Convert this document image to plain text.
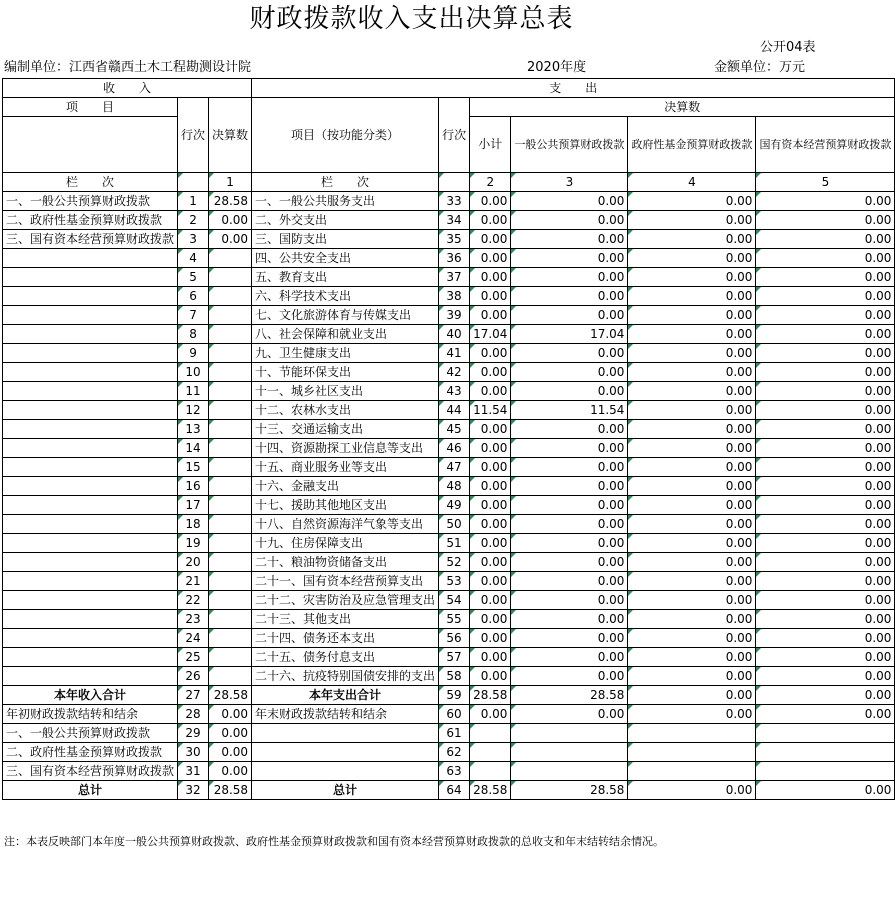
财政拨款收入支出决算总表
公开04表
编制单位：江西省赣西土木工程勘测设计院	2020年度	金额单位：万元
收　　入			支　　出					
项　　目	行次	决算数	项目（按功能分类）	行次	决算数			
					小计	一般公共预算财政拨款	政府性基金预算财政拨款	国有资本经营预算财政拨款

栏　　次		1	栏　　次		2	3	4	5
一、一般公共预算财政拨款	1	28.58	一、一般公共服务支出	33	0.00	0.00	0.00	0.00
二、政府性基金预算财政拨款	2	0.00	二、外交支出	34	0.00	0.00	0.00	0.00
三、国有资本经营预算财政拨款	3	0.00	三、国防支出	35	0.00	0.00	0.00	0.00
	4		四、公共安全支出	36	0.00	0.00	0.00	0.00
	5		五、教育支出	37	0.00	0.00	0.00	0.00
	6		六、科学技术支出	38	0.00	0.00	0.00	0.00
	7		七、文化旅游体育与传媒支出	39	0.00	0.00	0.00	0.00
	8		八、社会保障和就业支出	40	17.04	17.04	0.00	0.00
	9		九、卫生健康支出	41	0.00	0.00	0.00	0.00
	10		十、节能环保支出	42	0.00	0.00	0.00	0.00
	11		十一、城乡社区支出	43	0.00	0.00	0.00	0.00
	12		十二、农林水支出	44	11.54	11.54	0.00	0.00
	13		十三、交通运输支出	45	0.00	0.00	0.00	0.00
	14		十四、资源勘探工业信息等支出	46	0.00	0.00	0.00	0.00
	15		十五、商业服务业等支出	47	0.00	0.00	0.00	0.00
	16		十六、金融支出	48	0.00	0.00	0.00	0.00
	17		十七、援助其他地区支出	49	0.00	0.00	0.00	0.00
	18		十八、自然资源海洋气象等支出	50	0.00	0.00	0.00	0.00
	19		十九、住房保障支出	51	0.00	0.00	0.00	0.00
	20		二十、粮油物资储备支出	52	0.00	0.00	0.00	0.00
	21		二十一、国有资本经营预算支出	53	0.00	0.00	0.00	0.00
	22		二十二、灾害防治及应急管理支出	54	0.00	0.00	0.00	0.00
	23		二十三、其他支出	55	0.00	0.00	0.00	0.00
	24		二十四、债务还本支出	56	0.00	0.00	0.00	0.00
	25		二十五、债务付息支出	57	0.00	0.00	0.00	0.00
	26		二十六、抗疫特别国债安排的支出	58	0.00	0.00	0.00	0.00
本年收入合计	27	28.58	本年支出合计	59	28.58	28.58	0.00	0.00
年初财政拨款结转和结余	28	0.00	年末财政拨款结转和结余	60	0.00	0.00	0.00	0.00
一、一般公共预算财政拨款	29	0.00		61				
二、政府性基金预算财政拨款	30	0.00		62				
三、国有资本经营预算财政拨款	31	0.00		63				
总计	32	28.58	总计	64	28.58	28.58	0.00	0.00
注：本表反映部门本年度一般公共预算财政拨款、政府性基金预算财政拨款和国有资本经营预算财政拨款的总收支和年末结转结余情况。
